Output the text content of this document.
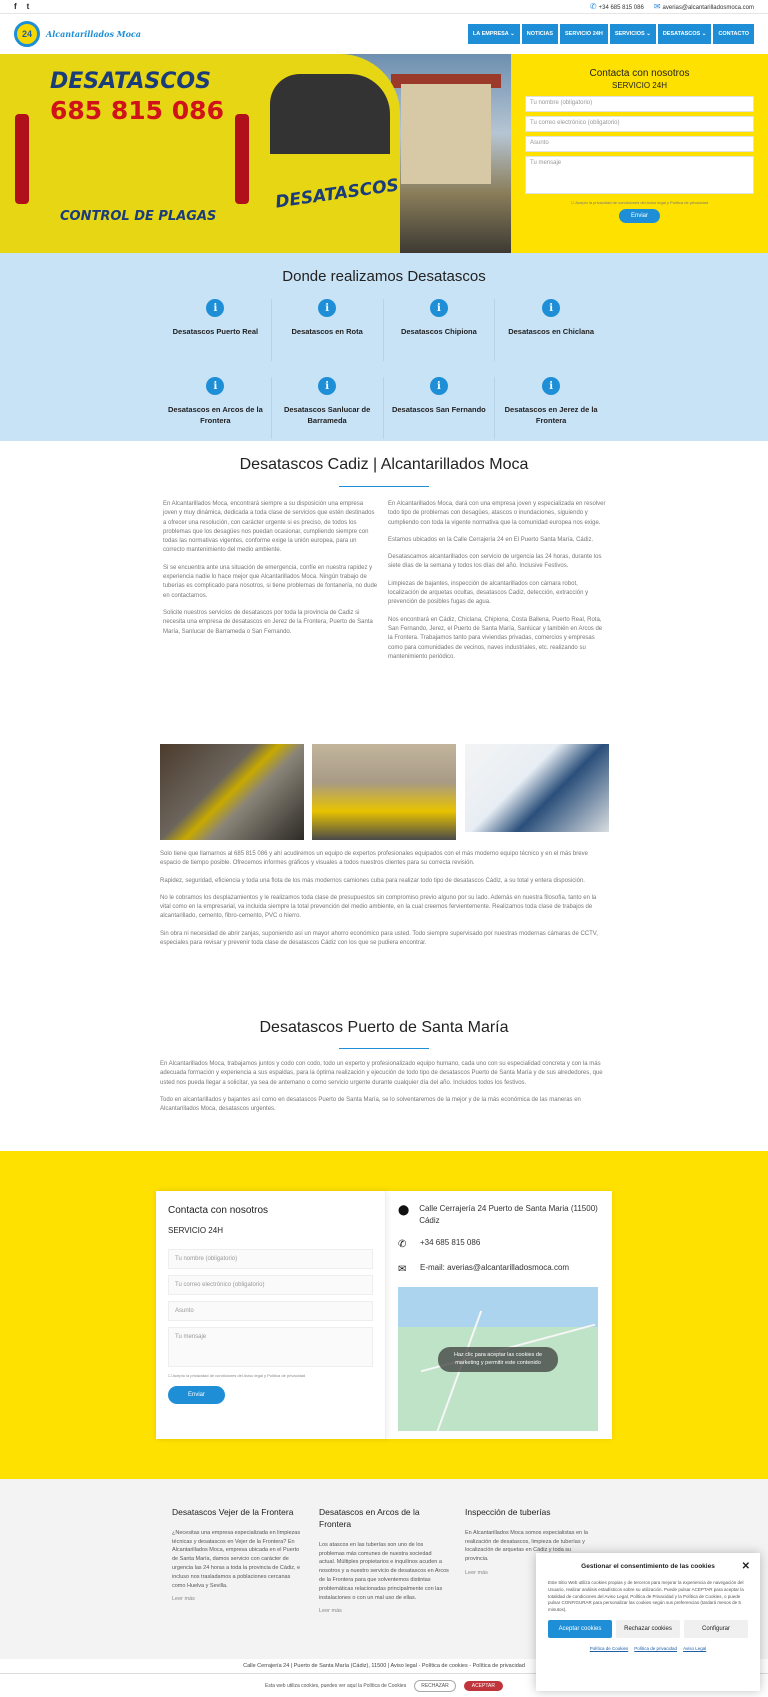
f t	✆ +34 685 815 086 ✉ averias@alcantarilladosmoca.com
24	Alcantarillados Moca	LA EMPRESA ⌄	NOTICIAS	SERVICIO 24H	SERVICIOS ⌄	DESATASCOS ⌄	CONTACTO
DESATASCOS
685 815 086
DESATASCOS
CONTROL DE PLAGAS
Contacta con nosotros
SERVICIO 24H
Tu nombre (obligatorio)
Tu correo electrónico (obligatorio)
Asunto
Tu mensaje
☐ Acepto la privacidad de condiciones del Aviso legal y Política de privacidad
Enviar
Donde realizamos Desatascos
i
Desatascos Puerto Real
i
Desatascos en Rota
i
Desatascos Chipiona
i
Desatascos en Chiclana
i
Desatascos en Arcos de la Frontera
i
Desatascos Sanlucar de Barrameda
i
Desatascos San Fernando
i
Desatascos en Jerez de la Frontera
Desatascos Cadiz | Alcantarillados Moca

En Alcantarillados Moca, encontrará siempre a su disposición una empresa joven y muy dinámica, dedicada a toda clase de servicios que estén destinados a ofrecer una resolución, con carácter urgente si es preciso, de todos los problemas que los desagües nos puedan ocasionar, cumpliendo siempre con todas las normativas vigentes, conforme exige la unión europea, para un correcto mantenimiento del medio ambiente.

Si se encuentra ante una situación de emergencia, confíe en nuestra rapidez y experiencia nadie lo hace mejor que Alcantarillados Moca. Ningún trabajo de tuberías es complicado para nosotros, si tiene problemas de fontanería, no dude en contactarnos.

Solicite nuestros servicios de desatascos por toda la provincia de Cadiz si necesita una empresa de desatascos en Jerez de la Frontera, Puerto de Santa María, Sanlucar de Barrameda o San Fernando.

En Alcantarillados Moca, dará con una empresa joven y especializada en resolver todo tipo de problemas con desagües, atascos o inundaciones, siguiendo y cumpliendo con toda la vigente normativa que la comunidad europea nos exige.

Estamos ubicados en la Calle Cerrajería 24 en El Puerto Santa María, Cádiz.

Desatascamos alcantarillados con servicio de urgencia las 24 horas, durante los siete días de la semana y todos los días del año. Inclusive Festivos.

Limpiezas de bajantes, inspección de alcantarillados con cámara robot, localización de arquetas ocultas, desatascos Cadiz, detección, extracción y prevención de posibles fugas de agua.

Nos encontrará en Cádiz, Chiclana, Chipiona, Costa Ballena, Puerto Real, Rota, San Fernando, Jerez, el Puerto de Santa María, Sanlúcar y también en Arcos de la Frontera. Trabajamos tanto para viviendas privadas, comercios y empresas como para comunidades de vecinos, naves industriales, etc. realizando su mantenimiento periódico.

Solo tiene que llamarnos al 685 815 086 y ahí acudiremos un equipo de expertos profesionales equipados con el más moderno equipo técnico y en el más breve espacio de tiempo posible. Ofrecemos informes gráficos y visuales a todos nuestros clientes para su correcta revisión.

Rapidez, seguridad, eficiencia y toda una flota de los más modernos camiones cuba para realizar todo tipo de desatascos Cádiz, a su total y entera disposición.

No le cobramos los desplazamientos y le realizamos toda clase de presupuestos sin compromiso previo alguno por su lado. Además en nuestra filosofía, tanto en la vital como en la empresarial, va incluida siempre la total prevención del medio ambiente, en la cual creemos fervientemente. Realizamos toda clase de trabajos de alcantarillado, cemento, fibro-cemento, PVC o hierro.

Sin obra ni necesidad de abrir zanjas, suponiendo así un mayor ahorro económico para usted. Todo siempre supervisado por nuestras modernas cámaras de CCTV, especiales para revisar y prevenir toda clase de desatascos Cádiz con los que se pudiera encontrar.

Desatascos Puerto de Santa María

En Alcantarillados Moca, trabajamos juntos y codo con codo, todo un experto y profesionalizado equipo humano, cada uno con su especialidad concreta y con la más adecuada formación y experiencia a sus espaldas, para la óptima realización y ejecución de todo tipo de desatascos Puerto de Santa María y de sus alrededores, que usted nos pueda llegar a solicitar, ya sea de antemano o como servicio urgente durante cualquier día del año. Incluidos todos los festivos.

Todo en alcantarillados y bajantes así como en desatascos Puerto de Santa María, se lo solventaremos de la mejor y de la más económica de las maneras en Alcantarillados Moca, desatascos urgentes.

Contacta con nosotros
SERVICIO 24H
Tu nombre (obligatorio)
Tu correo electrónico (obligatorio)
Asunto
Tu mensaje
☐ Acepto la privacidad de condiciones del Aviso legal y Política de privacidad
Enviar
⬤ Calle Cerrajería 24 Puerto de Santa Maria (11500) Cádiz
✆	+34 685 815 086
✉	E-mail: averias@alcantarilladosmoca.com
Haz clic para aceptar las cookies de marketing y permitir este contenido
Desatascos Vejer de la Frontera

¿Necesitas una empresa especializada en limpiezas técnicas y desatascos en Vejer de la Frontera? En Alcantarillados Moca, empresa ubicada en el Puerto de Santa María, damos servicio con carácter de urgencia las 24 horas a toda la provincia de Cádiz, e incluso nos trasladamos a poblaciones cercanas como Huelva y Sevilla.

Leer más
Desatascos en Arcos de la Frontera

Los atascos en las tuberías son uno de los problemas más comunes de nuestra sociedad actual. Múltiples propietarios e inquilinos acuden a nosotros y a nuestro servicio de desatascos en Arcos de la Frontera para que solventemos distintas problemáticas relacionadas principalmente con las instalaciones o con un mal uso de ellas.

Leer más
Inspección de tuberías

En Alcantarillados Moca somos especialistas en la realización de desatascos, limpieza de tuberías y localización de arquetas en Cádiz y toda su provincia.

Leer más
Calle Cerrajería 24 | Puerto de Santa María (Cádiz), 11500 | Aviso legal - Política de cookies - Política de privacidad
Esta web utiliza cookies, puedes ver aquí la Política de Cookies	RECHAZAR	ACEPTAR
Gestionar el consentimiento de las cookies	✕

Este Sitio Web utiliza cookies propias y de terceros para mejorar la experiencia de navegación del Usuario, realizar análisis estadísticos sobre su utilización. Puede pulsar ACEPTAR para aceptar la totalidad de condiciones del Aviso Legal, Política de Privacidad y la Política de Cookies, o puede pulsar CONFIGURAR para personalizar las cookies según sus preferencias (tardará menos de 5 minutos).

Aceptar cookies	Rechazar cookies	Configurar
Política de Cookies Política de privacidad Aviso Legal
